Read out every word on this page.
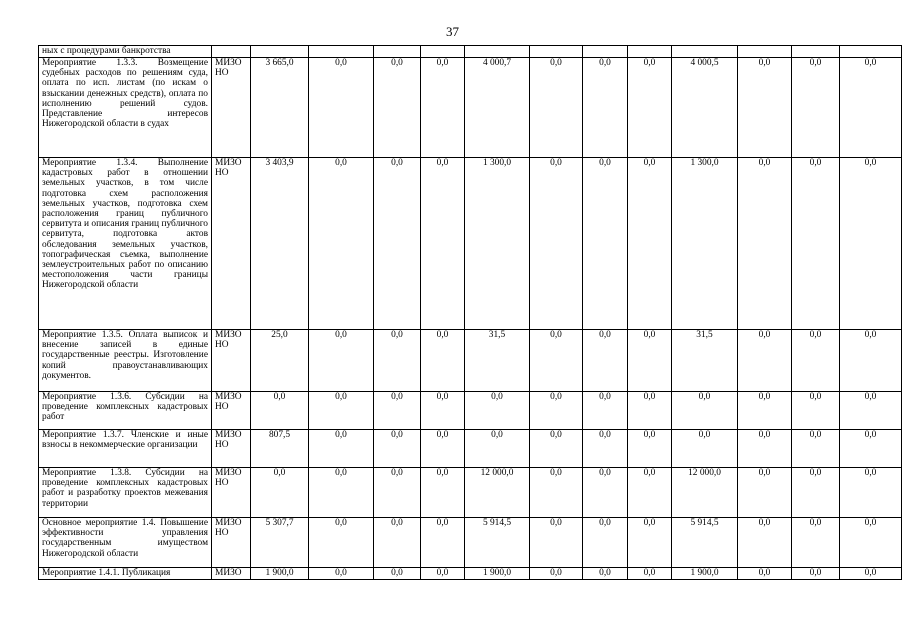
37
ных с процедурами банкротства													
Мероприятие 1.3.3. Возмещение судебных расходов по решениям суда, оплата по исп. листам (по искам о взыскании денежных средств), оплата по исполнению решений судов. Представление интересов Нижегородской области в судах	МИЗО НО	3 665,0	0,0	0,0	0,0	4 000,7	0,0	0,0	0,0	4 000,5	0,0	0,0	0,0
Мероприятие 1.3.4. Выполнение кадастровых работ в отношении земельных участков, в том числе подготовка схем расположения земельных участков, подготовка схем расположения границ публичного сервитута и описания границ публичного сервитута, подготовка актов обследования земельных участков, топографическая съемка, выполнение землеустроительных работ по описанию местоположения части границы Нижегородской области	МИЗО НО	3 403,9	0,0	0,0	0,0	1 300,0	0,0	0,0	0,0	1 300,0	0,0	0,0	0,0
Мероприятие 1.3.5. Оплата выписок и внесение записей в единые государственные реестры. Изготовление копий правоустанавливающих документов.	МИЗО НО	25,0	0,0	0,0	0,0	31,5	0,0	0,0	0,0	31,5	0,0	0,0	0,0
Мероприятие 1.3.6. Субсидии на проведение комплексных кадастровых работ	МИЗО НО	0,0	0,0	0,0	0,0	0,0	0,0	0,0	0,0	0,0	0,0	0,0	0,0
Мероприятие 1.3.7. Членские и иные взносы в некоммерческие организации	МИЗО НО	807,5	0,0	0,0	0,0	0,0	0,0	0,0	0,0	0,0	0,0	0,0	0,0
Мероприятие 1.3.8. Субсидии на проведение комплексных кадастровых работ и разработку проектов межевания территории	МИЗО НО	0,0	0,0	0,0	0,0	12 000,0	0,0	0,0	0,0	12 000,0	0,0	0,0	0,0
Основное мероприятие 1.4. Повышение эффективности управления государственным имуществом Нижегородской области	МИЗО НО	5 307,7	0,0	0,0	0,0	5 914,5	0,0	0,0	0,0	5 914,5	0,0	0,0	0,0
Мероприятие 1.4.1. Публикация	МИЗО	1 900,0	0,0	0,0	0,0	1 900,0	0,0	0,0	0,0	1 900,0	0,0	0,0	0,0
